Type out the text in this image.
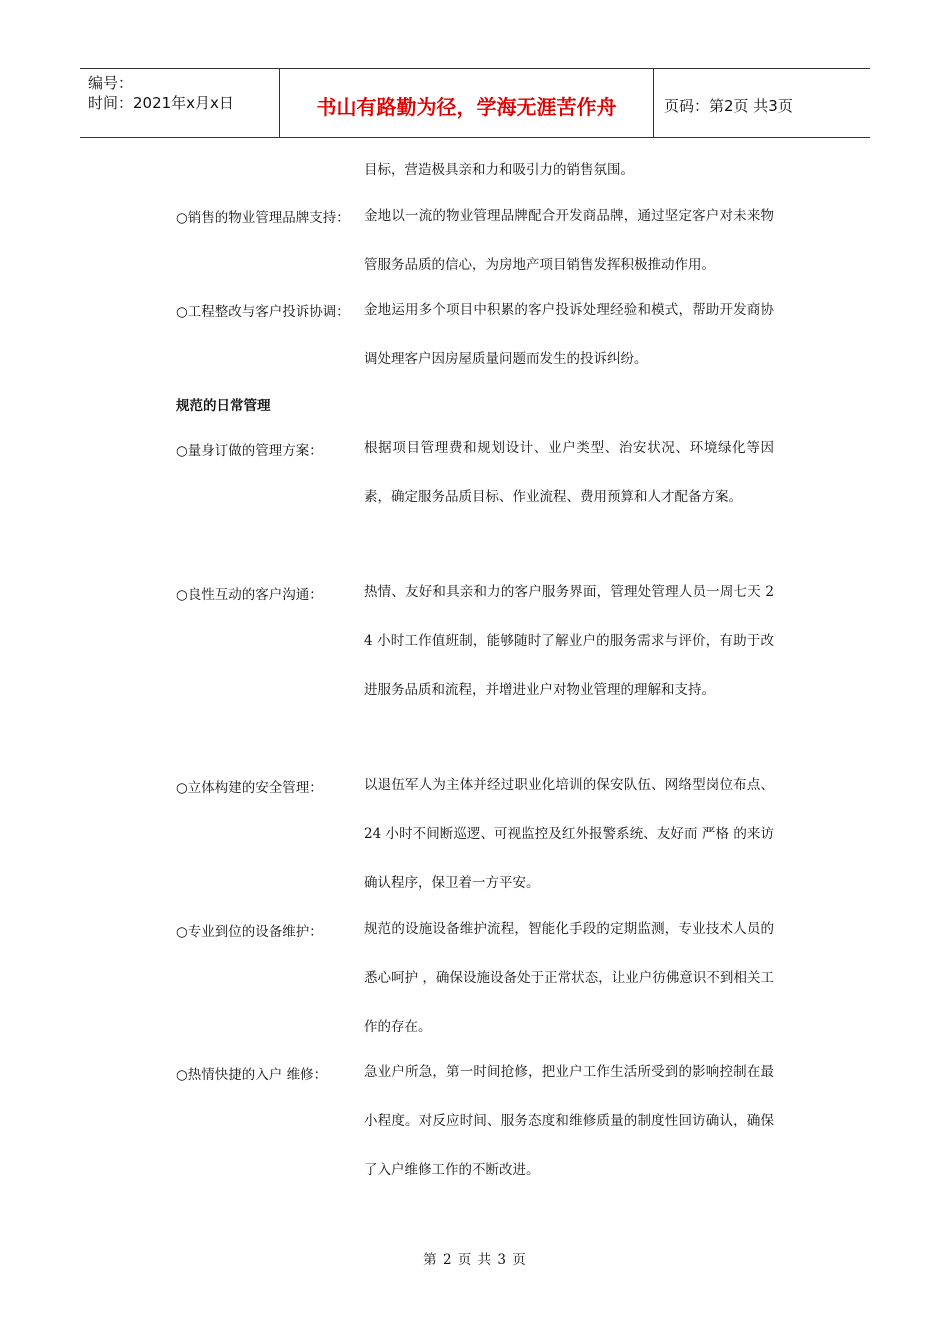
编号：
时间：2021年x月x日	书山有路勤为径，学海无涯苦作舟	页码：第2页 共3页
目标，营造极具亲和力和吸引力的销售氛围。
○销售的物业管理品牌支持： 金地以一流的物业管理品牌配合开发商品牌，通过坚定客户对未来物管服务品质的信心，为房地产项目销售发挥积极推动作用。
○工程整改与客户投诉协调： 金地运用多个项目中积累的客户投诉处理经验和模式，帮助开发商协调处理客户因房屋质量问题而发生的投诉纠纷。
规范的日常管理
○量身订做的管理方案：	根据项目管理费和规划设计、业户类型、治安状况、环境绿化等因素，确定服务品质目标、作业流程、费用预算和人才配备方案。
○良性互动的客户沟通：	热情、友好和具亲和力的客户服务界面，管理处管理人员一周七天 24 小时工作值班制，能够随时了解业户的服务需求与评价，有助于改进服务品质和流程，并增进业户对物业管理的理解和支持。
○立体构建的安全管理：	以退伍军人为主体并经过职业化培训的保安队伍、网络型岗位布点、 24 小时不间断巡逻、可视监控及红外报警系统、友好而 严格 的来访确认程序，保卫着一方平安。
○专业到位的设备维护：	规范的设施设备维护流程，智能化手段的定期监测，专业技术人员的 悉心呵护 ，确保设施设备处于正常状态，让业户彷佛意识不到相关工作的存在。
○热情快捷的入户 维修：	急业户所急，第一时间抢修，把业户工作生活所受到的影响控制在最小程度。对反应时间、服务态度和维修质量的制度性回访确认，确保了入户维修工作的不断改进。
第 2 页 共 3 页
